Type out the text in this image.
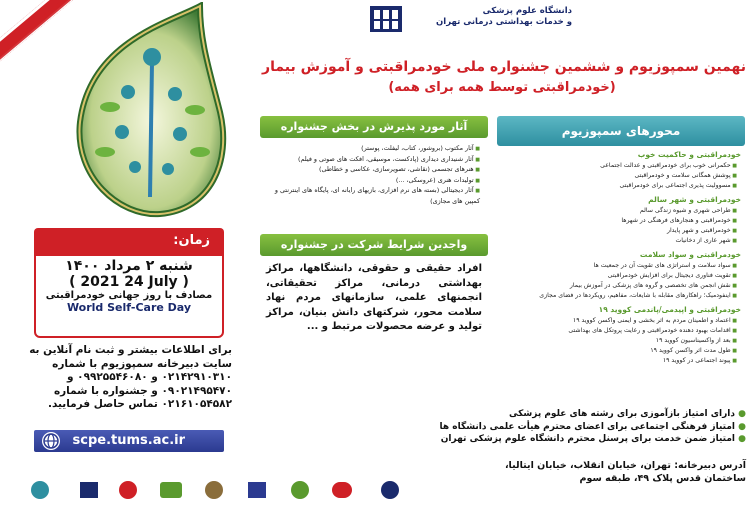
دانشگاه علوم پزشکی
و خدمات بهداشتی درمانی تهران
نهمین سمپوزیوم و ششمین جشنواره ملی خودمراقبتی و آموزش بیمار
(خودمراقبتی توسط همه برای همه)
محورهای سمپوزیوم
خودمراقبتی و حاکمیت خوب
■ حکمرانی خوب برای خودمراقبتی و عدالت اجتماعی
■ پوشش همگانی سلامت و خودمراقبتی
■ مسوولیت پذیری اجتماعی برای خودمراقبتی
خودمراقبتی و شهر سالم
■ طراحی شهری و شیوه زندگی سالم
■ خودمراقبتی و هنجارهای فرهنگی در شهرها
■ خودمراقبتی و شهر پایدار
■ شهر عاری از دخانیات
خودمراقبتی و سواد سلامت
■ سواد سلامت و استراتژی های تقویت آن در جمعیت ها
■ تقویت فناوری دیجیتال برای افزایش خودمراقبتی
■ نقش انجمن های تخصصی و گروه های پزشکی در آموزش بیمار
■ اینفودمیک؛ راهکارهای مقابله با شایعات، مفاهیم، رویکردها در فضای مجازی
خودمراقبتی و اپیدمی/پاندمی کووید ۱۹
■ اعتماد و اطمینان مردم به اثر بخشی و ایمنی واکسن کووید ۱۹
■ اقدامات بهبود دهنده خودمراقبتی و رعایت پروتکل های بهداشتی
■ بعد از واکسیناسیون کووید ۱۹
■ طول مدت اثر واکسن کووید ۱۹
■ پیوند اجتماعی در کووید ۱۹
آثار مورد پذیرش در بخش جشنواره
■ آثار مکتوب (بروشور، کتاب، لیفلت، پوستر)
■ آثار شنیداری دیداری (پادکست، موسیقی، افکت های صوتی و فیلم)
■ هنرهای تجسمی (نقاشی، تصویرسازی، عکاسی و خطاطی)
■ تولیدات هنری (عروسکی، ...)
■ آثار دیجیتالی (بسته های نرم افزاری، بازیهای رایانه ای، پایگاه های اینترنتی و کمپین های مجازی)
واجدین شرایط شرکت در جشنواره
افراد حقیقی و حقوقی، دانشگاهها، مراکز بهداشتی درمانی، مراکز تحقیقاتی، انجمنهای علمی، سازمانهای مردم نهاد سلامت محور، شرکتهای دانش بنیان، مراکز تولید و عرضه محصولات مرتبط و ...
زمان:
شنبه ۲ مرداد ۱۴۰۰
( 2021 24 July )
مصادف با روز جهانی خودمراقبتی
World Self-Care Day
برای اطلاعات بیشتر و ثبت نام آنلاین به سایت دبیرخانه سمپوزیوم با شماره ۰۲۱۴۲۹۱۰۳۱۰ و ۰۹۹۲۵۵۴۶۰۸۰ و ۰۹۰۲۱۴۹۵۴۷۰ و جشنواره با شماره ۰۲۱۶۱۰۵۴۵۸۲ تماس حاصل فرمایید.
scpe.tums.ac.ir
● دارای امتیاز بازآموزی برای رشته های علوم پزشکی
● امتیاز فرهنگی اجتماعی برای اعضای محترم هیأت علمی دانشگاه ها
● امتیاز ضمن خدمت برای پرسنل محترم دانشگاه علوم پزشکی تهران
آدرس دبیرخانه: تهران، خیابان انقلاب، خیابان ایتالیا،
ساختمان قدس پلاک ۴۹، طبقه سوم
